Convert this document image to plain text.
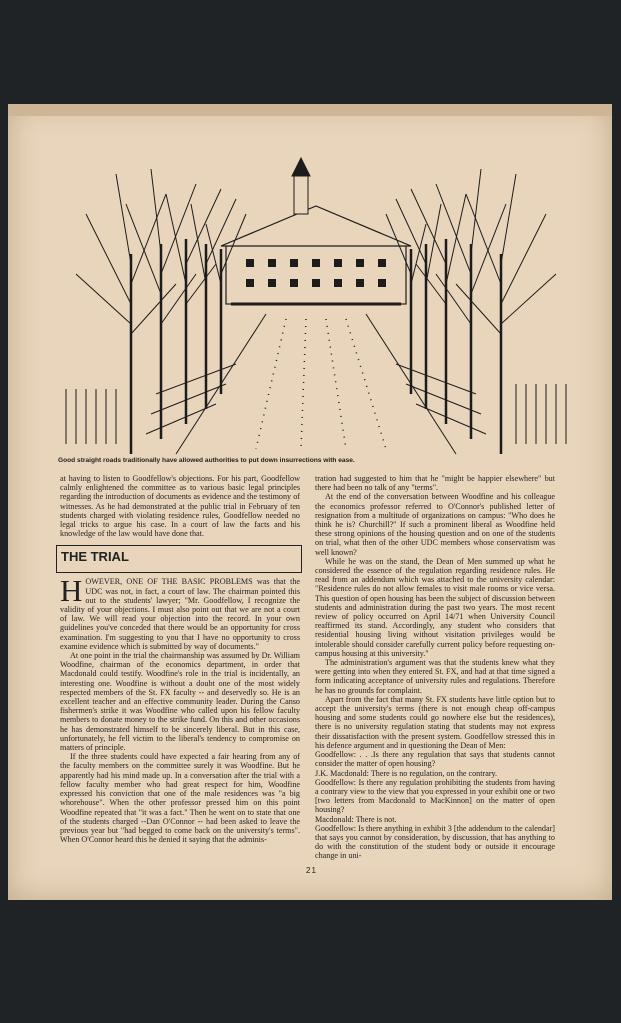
Good straight roads traditionally have allowed authorities to put down insurrections with ease.

at having to listen to Goodfellow's objections. For his part, Goodfellow calmly enlightened the committee as to various basic legal principles regarding the introduction of documents as evidence and the testimony of witnesses. As he had demonstrated at the public trial in February of ten students charged with violating residence rules, Goodfellow needed no legal tricks to argue his case. In a court of law the facts and his knowledge of the law would have done that.

THE TRIAL

HOWEVER, ONE OF THE BASIC PROBLEMS was that the UDC was not, in fact, a court of law. The chairman pointed this out to the students' lawyer; "Mr. Goodfellow, I recognize the validity of your objections. I must also point out that we are not a court of law. We will read your objection into the record. In your own guidelines you've conceded that there would be an opportunity for cross examination. I'm suggesting to you that I have no opportunity to cross examine evidence which is submitted by way of documents."

At one point in the trial the chairmanship was assumed by Dr. William Woodfine, chairman of the economics department, in order that Macdonald could testify. Woodfine's role in the trial is incidentally, an interesting one. Woodfine is without a doubt one of the most widely respected members of the St. FX faculty -- and deservedly so. He is an excellent teacher and an effective community leader. During the Canso fishermen's strike it was Woodfine who called upon his fellow faculty members to donate money to the strike fund. On this and other occasions he has demonstrated himself to be sincerely liberal. But in this case, unfortunately, he fell victim to the liberal's tendency to compromise on matters of principle.

If the three students could have expected a fair hearing from any of the faculty members on the committee surely it was Woodfine. But he apparently had his mind made up. In a conversation after the trial with a fellow faculty member who had great respect for him, Woodfine expressed his conviction that one of the male residences was "a big whorehouse". When the other professor pressed him on this point Woodfine repeated that "it was a fact." Then he went on to state that one of the students charged --Dan O'Connor -- had been asked to leave the previous year but "had begged to come back on the university's terms". When O'Connor heard this he denied it saying that the adminis-

tration had suggested to him that he "might be happier elsewhere" but there had been no talk of any "terms".

At the end of the conversation between Woodfine and his colleague the economics professor referred to O'Connor's published letter of resignation from a multitude of organizations on campus: "Who does he think he is? Churchill?" If such a prominent liberal as Woodfine held these strong opinions of the housing question and on one of the students on trial, what then of the other UDC members whose conservatism was well known?

While he was on the stand, the Dean of Men summed up what he considered the essence of the regulation regarding residence rules. He read from an addendum which was attached to the university calendar: "Residence rules do not allow females to visit male rooms or vice versa. This question of open housing has been the subject of discussion between students and administration during the past two years. The most recent review of policy occurred on April 14/71 when University Council reaffirmed its stand. Accordingly, any student who considers that residential housing living without visitation privileges would be intolerable should consider carefully current policy before requesting on-campus housing at this university."

The administration's argument was that the students knew what they were getting into when they entered St. FX, and had at that time signed a form indicating acceptance of university rules and regulations. Therefore he has no grounds for complaint.

Apart from the fact that many St. FX students have little option but to accept the university's terms (there is not enough cheap off-campus housing and some students could go nowhere else but the residences), there is no university regulation stating that students may not express their dissatisfaction with the present system. Goodfellow stressed this in his defence argument and in questioning the Dean of Men:

Goodfellow: . . .Is there any regulation that says that students cannot consider the matter of open housing?

J.K. Macdonald: There is no regulation, on the contrary.

Goodfellow: Is there any regulation prohibiting the students from having a contrary view to the view that you expressed in your exhibit one or two [two letters from Macdonald to MacKinnon] on the matter of open housing?

Macdonald: There is not.

Goodfellow: Is there anything in exhibit 3 [the addendum to the calendar] that says you cannot by consideration, by discussion, that has anything to do with the constitution of the student body or outside it encourage change in uni-

21
